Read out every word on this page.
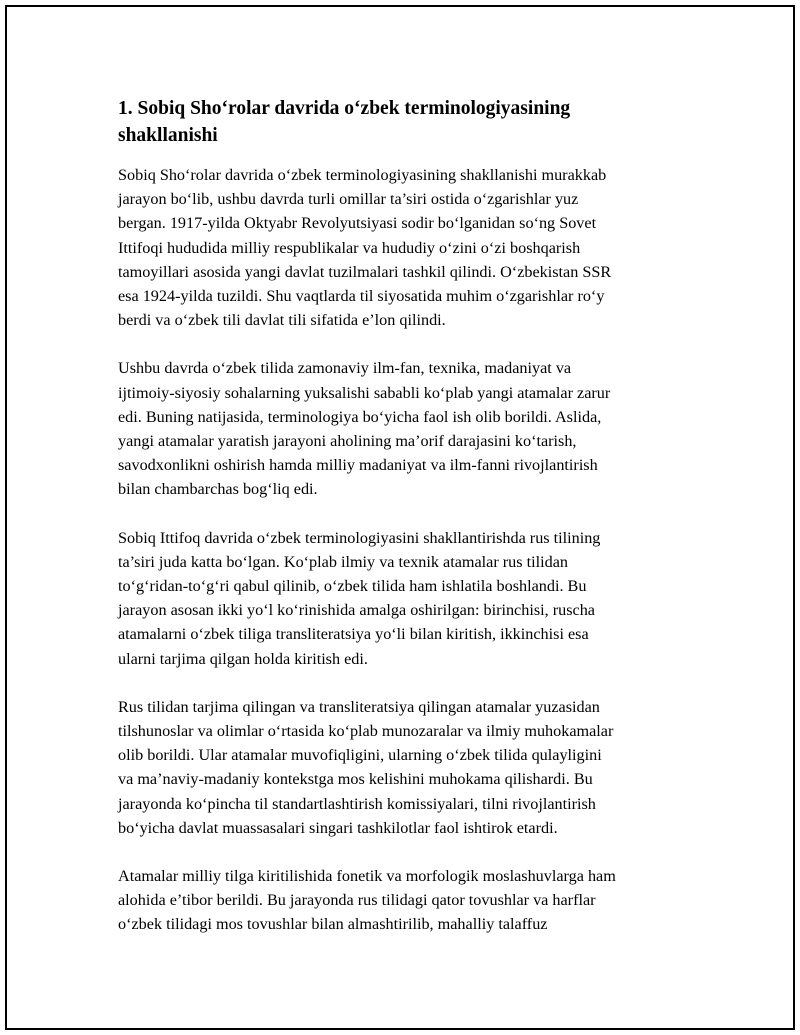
1. Sobiq Sho‘rolar davrida o‘zbek terminologiyasining
shakllanishi

Sobiq Sho‘rolar davrida o‘zbek terminologiyasining shakllanishi murakkab
jarayon bo‘lib, ushbu davrda turli omillar ta’siri ostida o‘zgarishlar yuz
bergan. 1917-yilda Oktyabr Revolyutsiyasi sodir bo‘lganidan so‘ng Sovet
Ittifoqi hududida milliy respublikalar va hududiy o‘zini o‘zi boshqarish
tamoyillari asosida yangi davlat tuzilmalari tashkil qilindi. O‘zbekistan SSR
esa 1924-yilda tuzildi. Shu vaqtlarda til siyosatida muhim o‘zgarishlar ro‘y
berdi va o‘zbek tili davlat tili sifatida e’lon qilindi.

Ushbu davrda o‘zbek tilida zamonaviy ilm-fan, texnika, madaniyat va
ijtimoiy-siyosiy sohalarning yuksalishi sababli ko‘plab yangi atamalar zarur
edi. Buning natijasida, terminologiya bo‘yicha faol ish olib borildi. Aslida,
yangi atamalar yaratish jarayoni aholining ma’orif darajasini ko‘tarish,
savodxonlikni oshirish hamda milliy madaniyat va ilm-fanni rivojlantirish
bilan chambarchas bog‘liq edi.

Sobiq Ittifoq davrida o‘zbek terminologiyasini shakllantirishda rus tilining
ta’siri juda katta bo‘lgan. Ko‘plab ilmiy va texnik atamalar rus tilidan
to‘g‘ridan-to‘g‘ri qabul qilinib, o‘zbek tilida ham ishlatila boshlandi. Bu
jarayon asosan ikki yo‘l ko‘rinishida amalga oshirilgan: birinchisi, ruscha
atamalarni o‘zbek tiliga transliteratsiya yo‘li bilan kiritish, ikkinchisi esa
ularni tarjima qilgan holda kiritish edi.

Rus tilidan tarjima qilingan va transliteratsiya qilingan atamalar yuzasidan
tilshunoslar va olimlar o‘rtasida ko‘plab munozaralar va ilmiy muhokamalar
olib borildi. Ular atamalar muvofiqligini, ularning o‘zbek tilida qulayligini
va ma’naviy-madaniy kontekstga mos kelishini muhokama qilishardi. Bu
jarayonda ko‘pincha til standartlashtirish komissiyalari, tilni rivojlantirish
bo‘yicha davlat muassasalari singari tashkilotlar faol ishtirok etardi.

Atamalar milliy tilga kiritilishida fonetik va morfologik moslashuvlarga ham
alohida e’tibor berildi. Bu jarayonda rus tilidagi qator tovushlar va harflar
o‘zbek tilidagi mos tovushlar bilan almashtirilib, mahalliy talaffuz
